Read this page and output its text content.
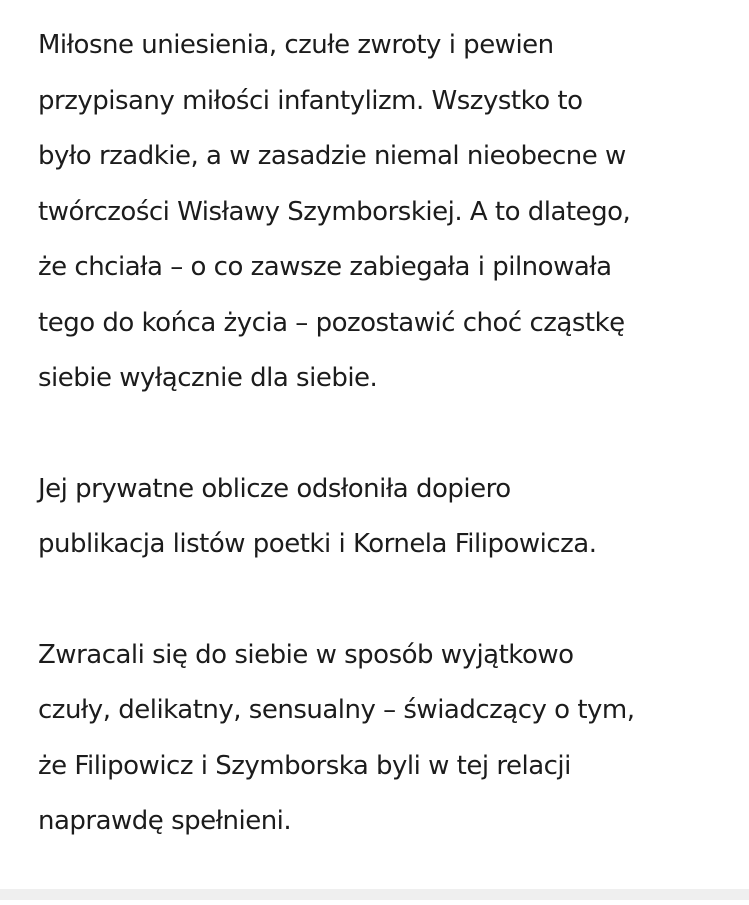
Miłosne uniesienia, czułe zwroty i pewien
przypisany miłości infantylizm. Wszystko to
było rzadkie, a w zasadzie niemal nieobecne w
twórczości Wisławy Szymborskiej. A to dlatego,
że chciała – o co zawsze zabiegała i pilnowała
tego do końca życia – pozostawić choć cząstkę
siebie wyłącznie dla siebie.

Jej prywatne oblicze odsłoniła dopiero
publikacja listów poetki i Kornela Filipowicza.

Zwracali się do siebie w sposób wyjątkowo
czuły, delikatny, sensualny – świadczący o tym,
że Filipowicz i Szymborska byli w tej relacji
naprawdę spełnieni.
